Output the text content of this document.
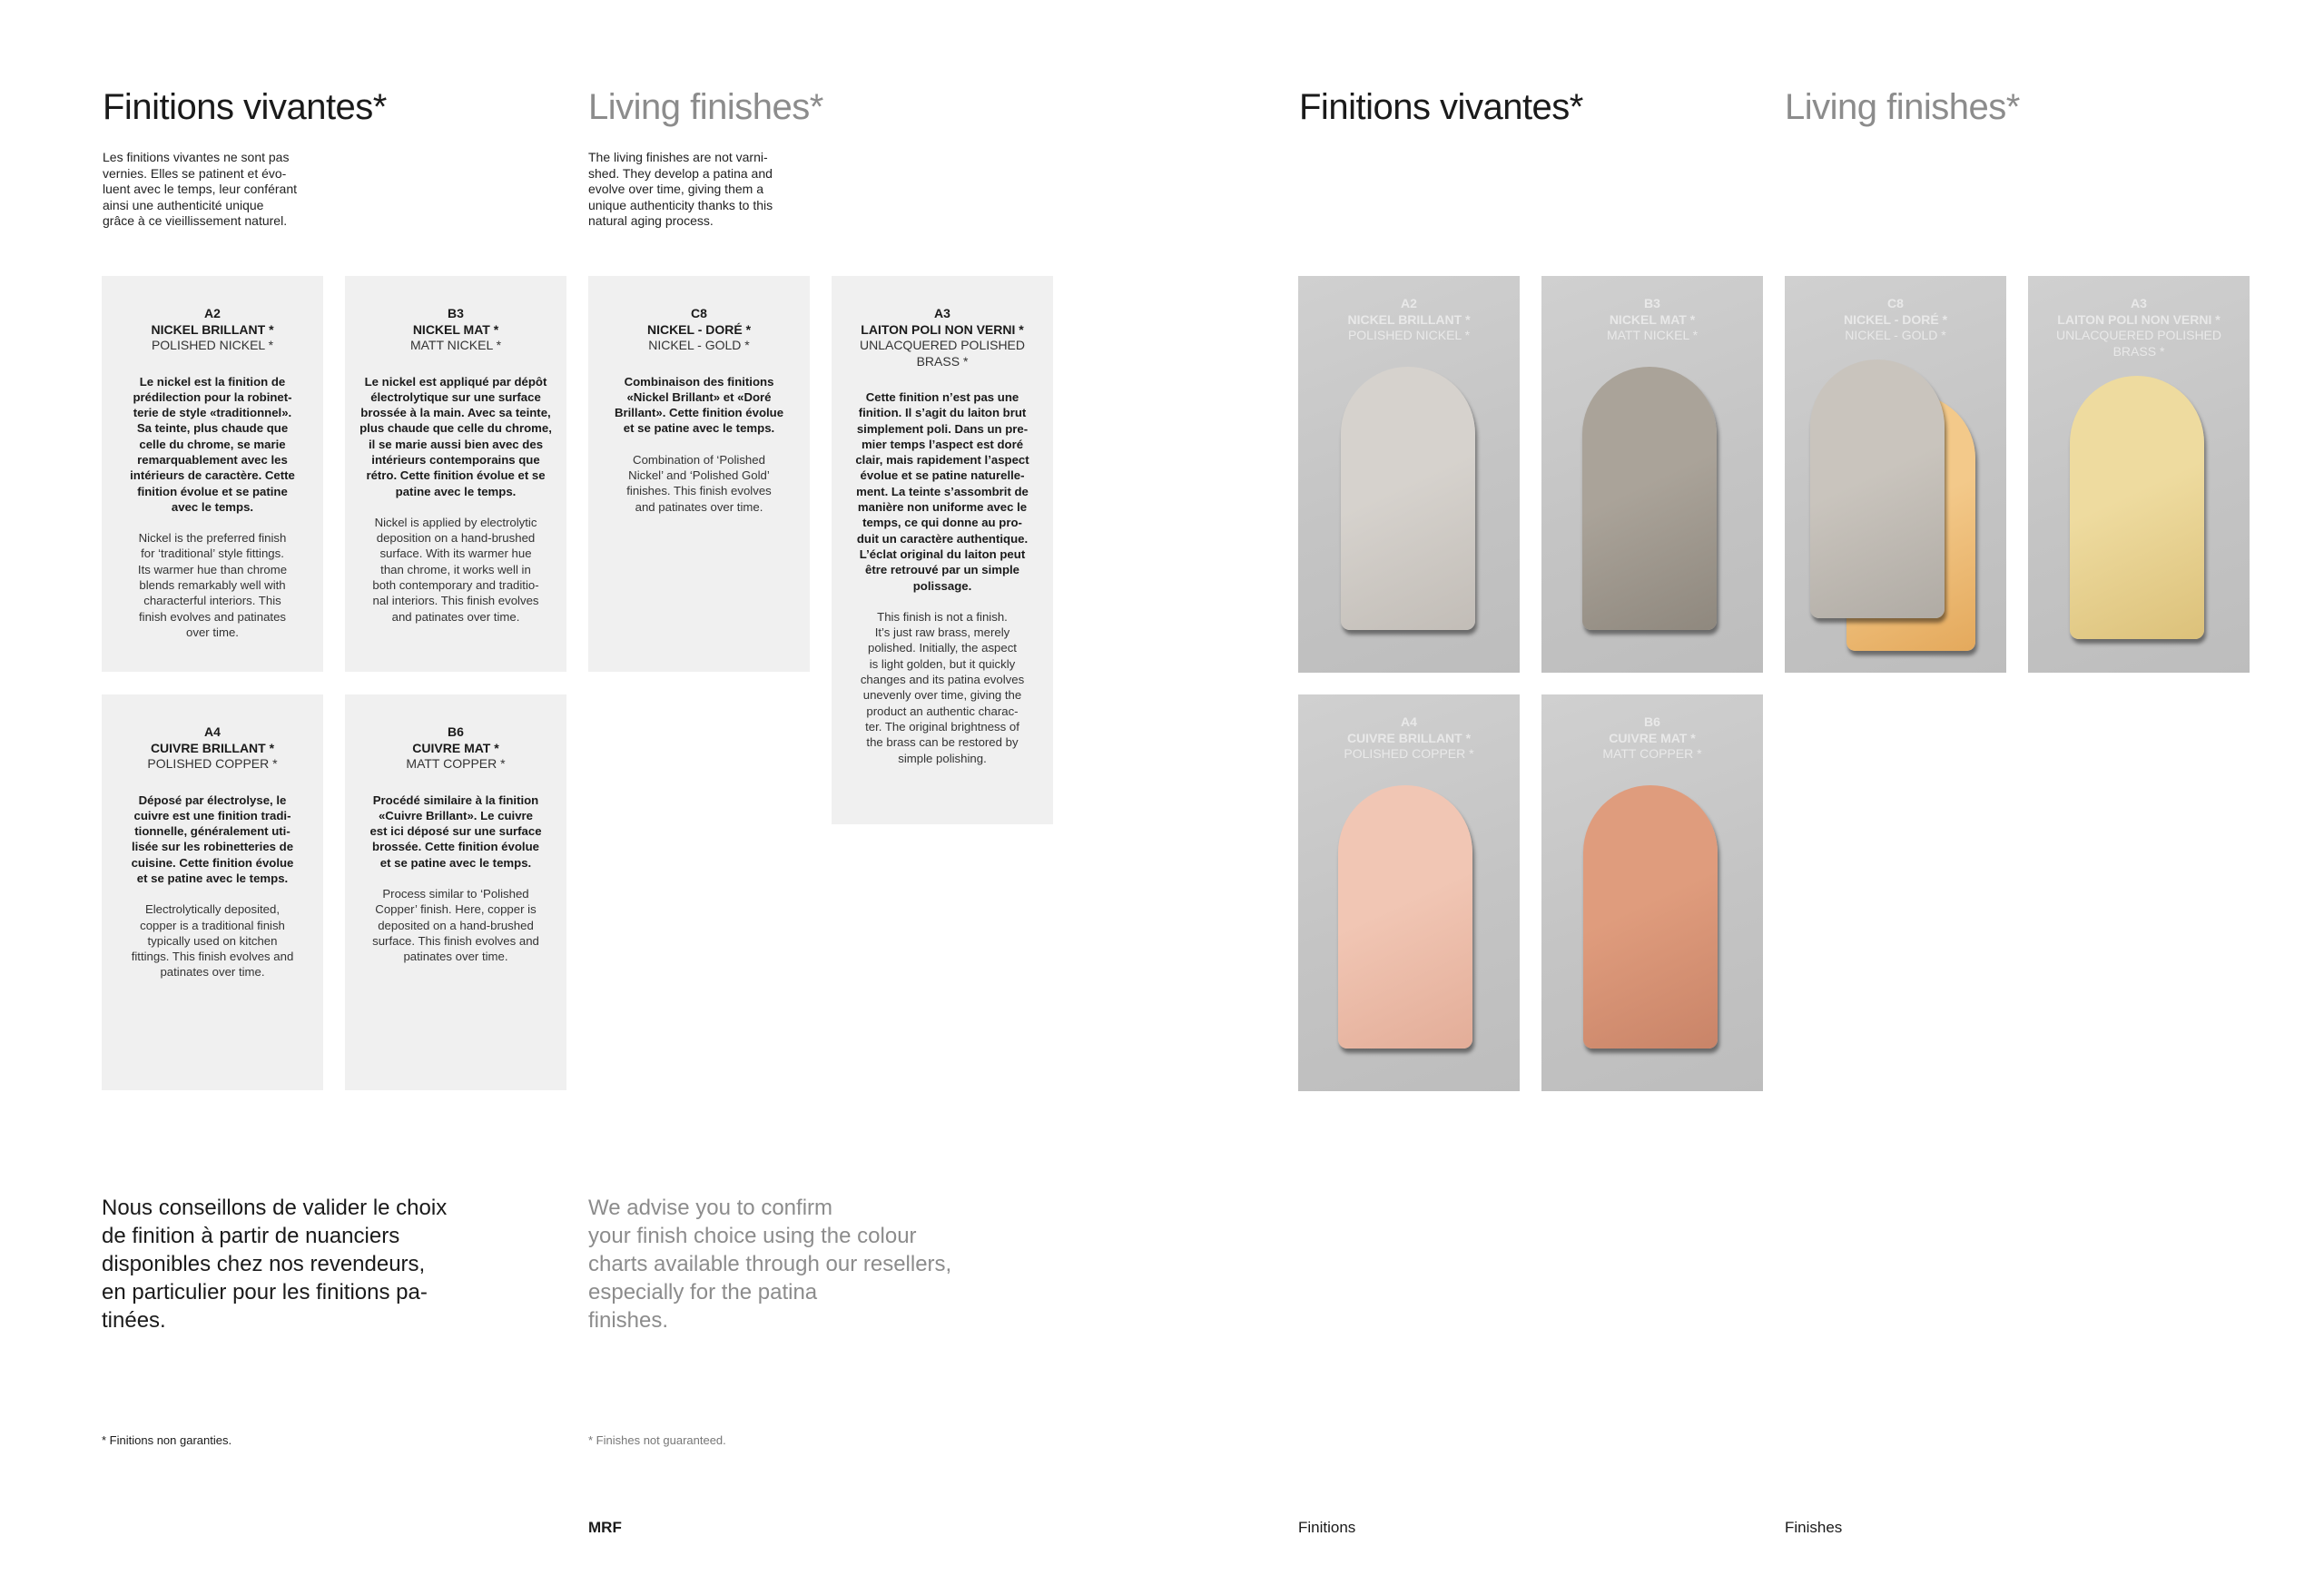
Finitions vivantes*	Living finishes*
Les finitions vivantes ne sont pas
vernies. Elles se patinent et évo-
luent avec le temps, leur conférant
ainsi une authenticité unique
grâce à ce vieillissement naturel.
The living finishes are not varni-
shed. They develop a patina and
evolve over time, giving them a
unique authenticity thanks to this
natural aging process.
A2
NICKEL BRILLANT *
POLISHED NICKEL *
Le nickel est la finition de
prédilection pour la robinet-
terie de style «traditionnel».
Sa teinte, plus chaude que
celle du chrome, se marie
remarquablement avec les
intérieurs de caractère. Cette
finition évolue et se patine
avec le temps.
Nickel is the preferred finish
for ‘traditional’ style fittings.
Its warmer hue than chrome
blends remarkably well with
characterful interiors. This
finish evolves and patinates
over time.
B3
NICKEL MAT *
MATT NICKEL *
Le nickel est appliqué par dépôt
électrolytique sur une surface
brossée à la main. Avec sa teinte,
plus chaude que celle du chrome,
il se marie aussi bien avec des
intérieurs contemporains que
rétro. Cette finition évolue et se
patine avec le temps.
Nickel is applied by electrolytic
deposition on a hand-brushed
surface. With its warmer hue
than chrome, it works well in
both contemporary and traditio-
nal interiors. This finish evolves
and patinates over time.
C8
NICKEL - DORÉ *
NICKEL - GOLD *
Combinaison des finitions
«Nickel Brillant» et «Doré
Brillant». Cette finition évolue
et se patine avec le temps.
Combination of ‘Polished
Nickel’ and ‘Polished Gold’
finishes. This finish evolves
and patinates over time.
A3
LAITON POLI NON VERNI *
UNLACQUERED POLISHED
BRASS *
Cette finition n’est pas une
finition. Il s’agit du laiton brut
simplement poli. Dans un pre-
mier temps l’aspect est doré
clair, mais rapidement l’aspect
évolue et se patine naturelle-
ment. La teinte s’assombrit de
manière non uniforme avec le
temps, ce qui donne au pro-
duit un caractère authentique.
L’éclat original du laiton peut
être retrouvé par un simple
polissage.
This finish is not a finish.
It’s just raw brass, merely
polished. Initially, the aspect
is light golden, but it quickly
changes and its patina evolves
unevenly over time, giving the
product an authentic charac-
ter. The original brightness of
the brass can be restored by
simple polishing.
A4
CUIVRE BRILLANT *
POLISHED COPPER *
Déposé par électrolyse, le
cuivre est une finition tradi-
tionnelle, généralement uti-
lisée sur les robinetteries de
cuisine. Cette finition évolue
et se patine avec le temps.
Electrolytically deposited,
copper is a traditional finish
typically used on kitchen
fittings. This finish evolves and
patinates over time.
B6
CUIVRE MAT *
MATT COPPER *
Procédé similaire à la finition
«Cuivre Brillant». Le cuivre
est ici déposé sur une surface
brossée. Cette finition évolue
et se patine avec le temps.
Process similar to ‘Polished
Copper’ finish. Here, copper is
deposited on a hand-brushed
surface. This finish evolves and
patinates over time.
Nous conseillons de valider le choix
de finition à partir de nuanciers
disponibles chez nos revendeurs,
en particulier pour les finitions pa-
tinées.
We advise you to confirm
your finish choice using the colour
charts available through our resellers,
especially for the patina
finishes.
* Finitions non garanties.	* Finishes not guaranteed.
MRF
Finitions vivantes*	Living finishes*
A2
NICKEL BRILLANT *
POLISHED NICKEL *
B3
NICKEL MAT *
MATT NICKEL *
C8
NICKEL - DORÉ *
NICKEL - GOLD *
A3
LAITON POLI NON VERNI *
UNLACQUERED POLISHED
BRASS *
A4
CUIVRE BRILLANT *
POLISHED COPPER *
B6
CUIVRE MAT *
MATT COPPER *
Finitions	Finishes
